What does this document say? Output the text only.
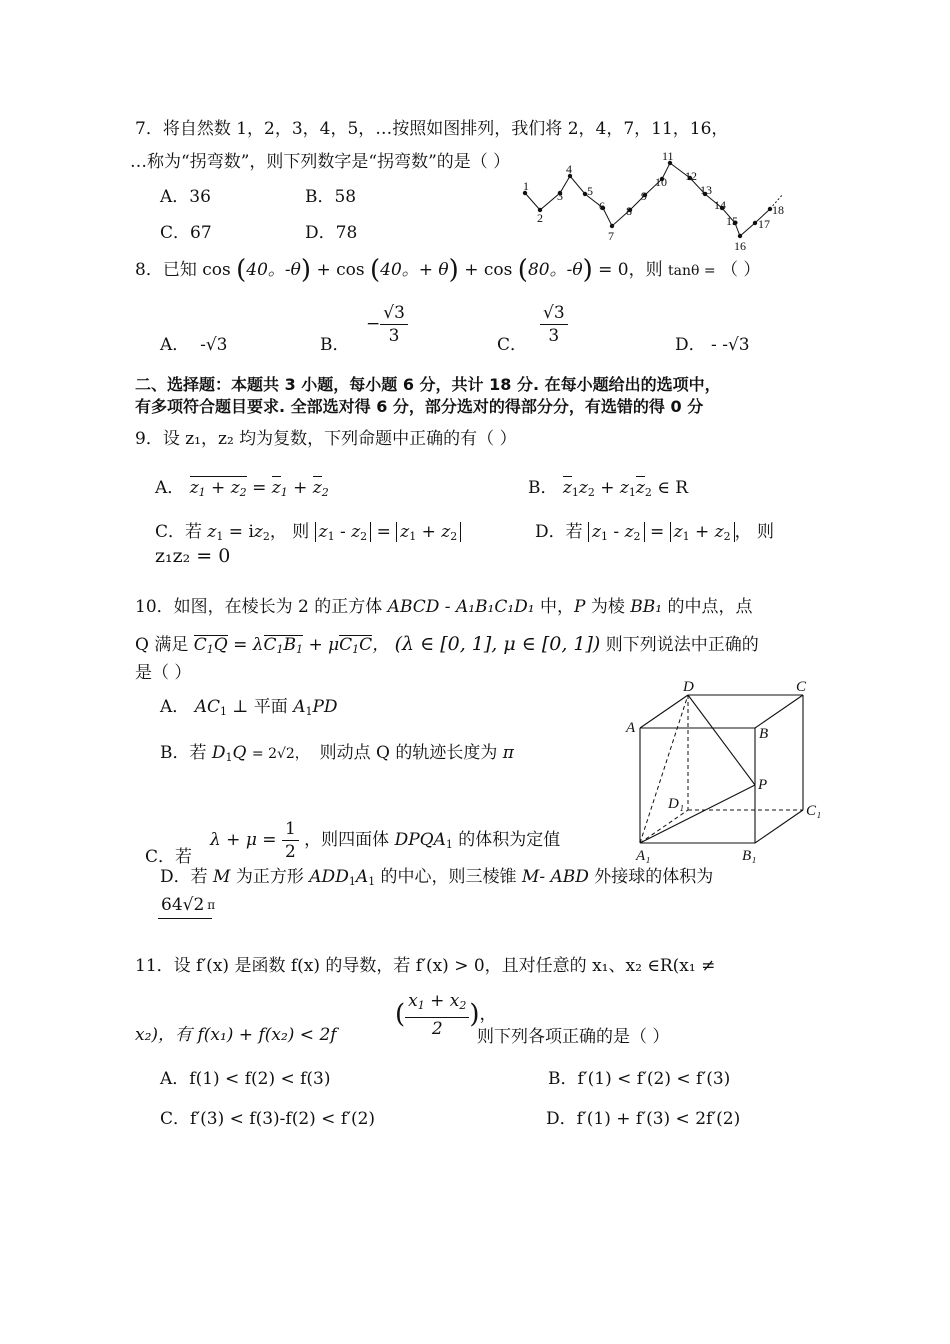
7．将自然数 1，2，3，4，5，…按照如图排列，我们将 2，4，7，11，16，
…称为“拐弯数”，则下列数字是“拐弯数”的是（ ）
A．36	B．58
C．67	D．78
1
2
3
4
5
6
7
8
9
10
11
12
13
14
15
16
17
18
8．已知 cos (40。-θ) + cos (40。+ θ) + cos (80。-θ) = 0，则 tanθ = （ ）
A． -√3	B．
− $\frac{√3}{3}$	C． $\frac{√3}{3}$	D． - -√3
二、选择题：本题共 3 小题，每小题 6 分，共计 18 分. 在每小题给出的选项中，
有多项符合题目要求. 全部选对得 6 分，部分选对的得部分分，有选错的得 0 分
9．设 z₁，z₂ 均为复数，下列命题中正确的有（ ）
A． $z_1 + z_2 = z_1 + z_2$	B． $z_1z_2 + z_1z_2$ ∈ R
C．若 $z_1 = iz_2$， 则 $z_1 - z_2 = z_1 + z_2$	D．若 $z_1 - z_2 = z_1 + z_2$ ， 则
z₁z₂ = 0
10．如图，在棱长为 2 的正方体 ABCD - A₁B₁C₁D₁ 中，P 为棱 BB₁ 的中点，点
Q 满足 $C_1Q = \lambda C_1B_1 + \mu C_1C$， (λ ∈ [0, 1], μ ∈ [0, 1]) 则下列说法中正确的
是（ ）
A． $AC_1$ ⊥ 平面 $A_1PD$
B．若 $D_1Q = 2√2$， 则动点 Q 的轨迹长度为 π
C．若
$\lambda + \mu = \frac{1}{2}$ ，则四面体 $DPQA_1$ 的体积为定值
D．若 M 为正方形 $ADD_1A_1$ 的中心，则三棱锥 M- ABD 外接球的体积为
64√2 π
D	C
A	B
P
D₁	C₁
A₁	B₁
11．设 f′(x) 是函数 f(x) 的导数，若 f′(x) > 0，且对任意的 x₁、x₂ ∈R(x₁ ≠
x₂)，有 f(x₁) + f(x₂) < 2f
( $\frac{x_1 + x_2}{2}$ )，
则下列各项正确的是（ ）
A．f(1) < f(2) < f(3)	B．f′(1) < f′(2) < f′(3)
C．f′(3) < f(3)-f(2) < f′(2)	D．f′(1) + f′(3) < 2f′(2)
